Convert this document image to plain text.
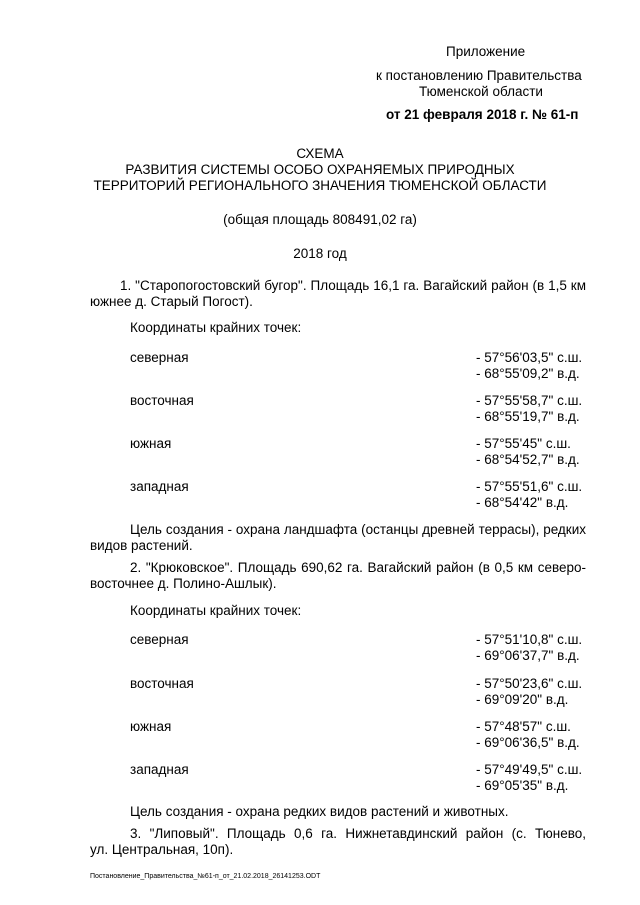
Приложение
к постановлению Правительства
Тюменской области
от 21 февраля 2018 г. № 61-п
СХЕМА
РАЗВИТИЯ СИСТЕМЫ ОСОБО ОХРАНЯЕМЫХ ПРИРОДНЫХ
ТЕРРИТОРИЙ РЕГИОНАЛЬНОГО ЗНАЧЕНИЯ ТЮМЕНСКОЙ ОБЛАСТИ
(общая площадь 808491,02 га)
2018 год
1. "Старопогостовский бугор". Площадь 16,1 га. Вагайский район (в 1,5 км
южнее д. Старый Погост).
Координаты крайних точек:
северная	- 57°56'03,5" с.ш.
- 68°55'09,2" в.д.
восточная	- 57°55'58,7" с.ш.
- 68°55'19,7" в.д.
южная	- 57°55'45" с.ш.
- 68°54'52,7" в.д.
западная	- 57°55'51,6" с.ш.
- 68°54'42" в.д.
Цель создания - охрана ландшафта (останцы древней террасы), редких
видов растений.
2. "Крюковское". Площадь 690,62 га. Вагайский район (в 0,5 км северо-
восточнее д. Полино-Ашлык).
Координаты крайних точек:
северная	- 57°51'10,8" с.ш.
- 69°06'37,7" в.д.
восточная	- 57°50'23,6" с.ш.
- 69°09'20" в.д.
южная	- 57°48'57" с.ш.
- 69°06'36,5" в.д.
западная	- 57°49'49,5" с.ш.
- 69°05'35" в.д.
Цель создания - охрана редких видов растений и животных.
3. "Липовый". Площадь 0,6 га. Нижнетавдинский район (с. Тюнево,
ул. Центральная, 10п).
Постановление_Правительства_№61-п_от_21.02.2018_26141253.ODT
